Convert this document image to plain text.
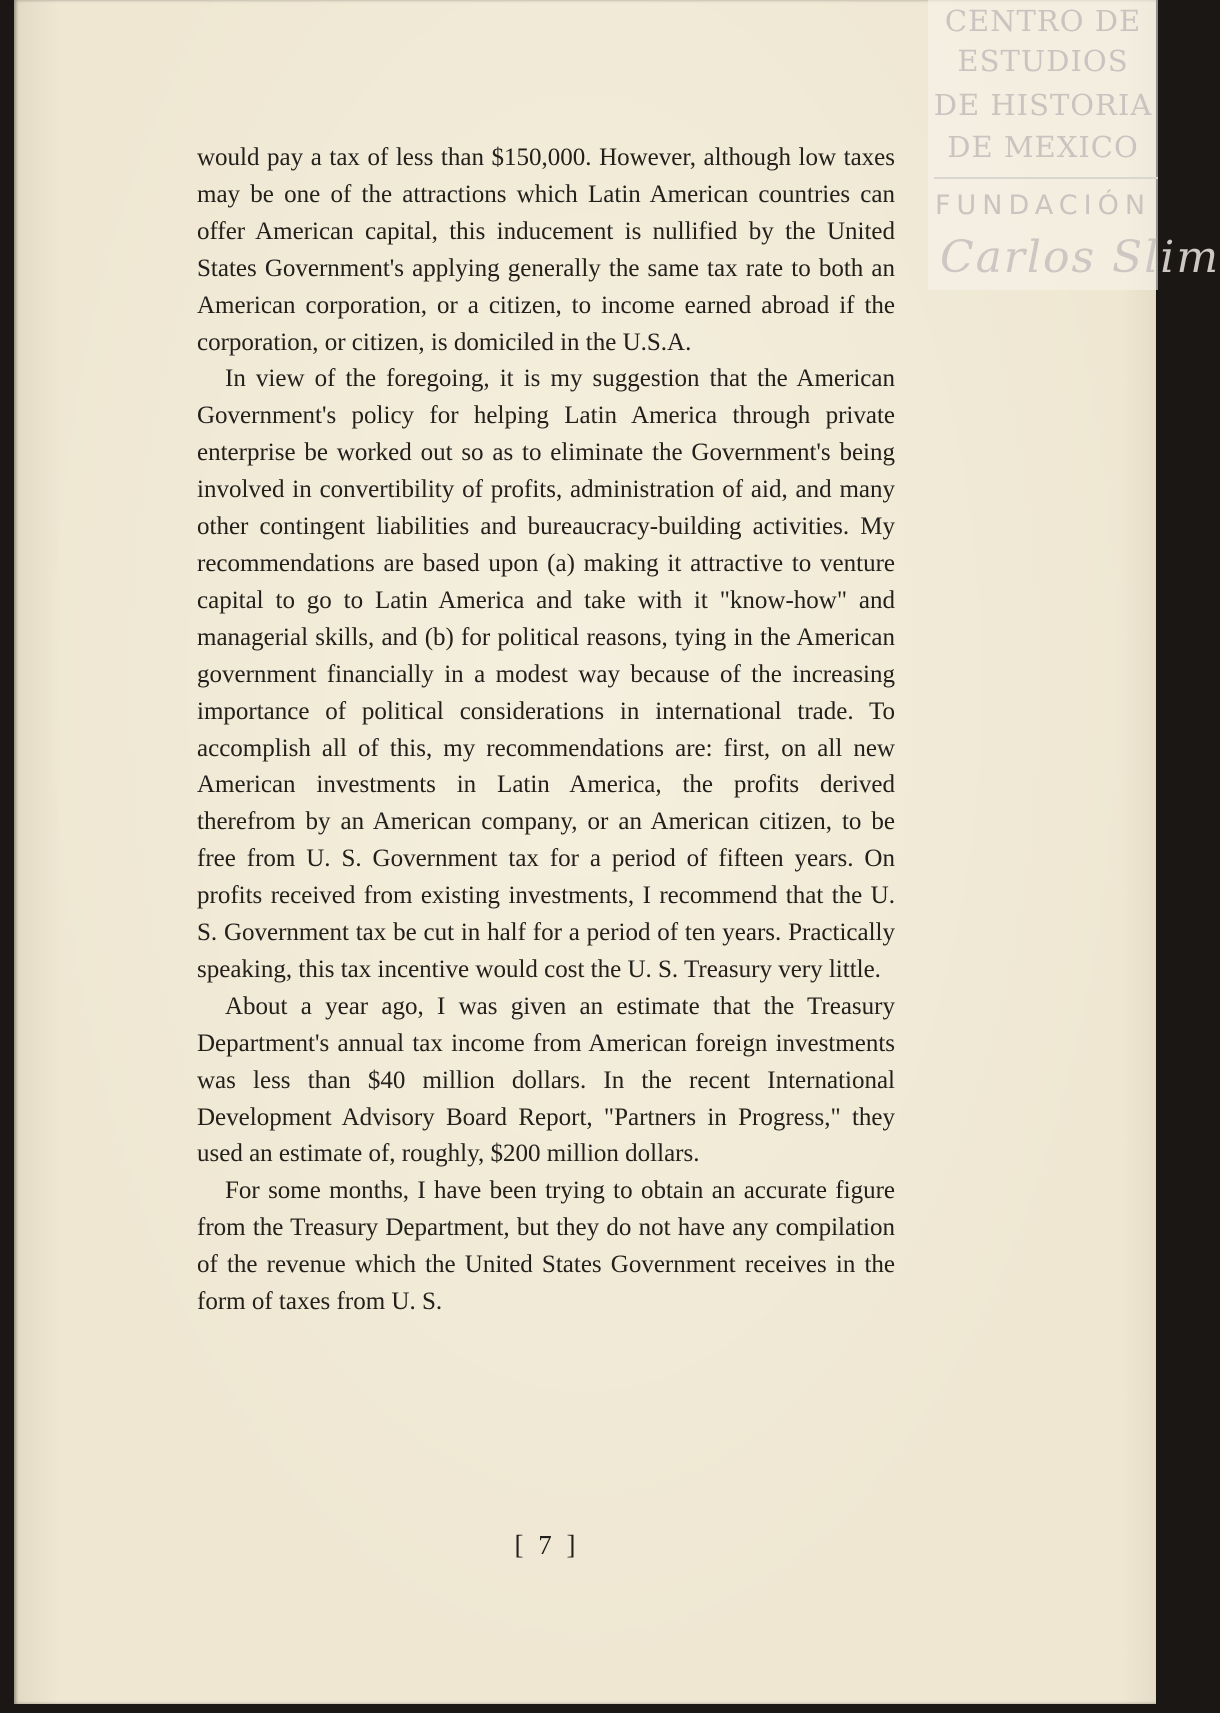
CENTRO DE
ESTUDIOS
DE HISTORIA
DE MEXICO
FUNDACIÓN
Carlos Slim

would pay a tax of less than $150,000. However, although low taxes may be one of the attractions which Latin American countries can offer American capital, this inducement is nullified by the United States Government's applying generally the same tax rate to both an American corporation, or a citizen, to income earned abroad if the corporation, or citizen, is domiciled in the U.S.A.

In view of the foregoing, it is my suggestion that the American Government's policy for helping Latin America through private enterprise be worked out so as to eliminate the Government's being involved in convertibility of profits, administration of aid, and many other contingent liabilities and bureaucracy-building activities. My recommendations are based upon (a) making it attractive to venture capital to go to Latin America and take with it "know-how" and managerial skills, and (b) for political reasons, tying in the American government financially in a modest way because of the increasing importance of political considerations in international trade. To accomplish all of this, my recommendations are: first, on all new American investments in Latin America, the profits derived therefrom by an American company, or an American citizen, to be free from U. S. Government tax for a period of fifteen years. On profits received from existing investments, I recommend that the U. S. Government tax be cut in half for a period of ten years. Practically speaking, this tax incentive would cost the U. S. Treasury very little.

About a year ago, I was given an estimate that the Treasury Department's annual tax income from American foreign investments was less than $40 million dollars. In the recent International Development Advisory Board Report, "Partners in Progress," they used an estimate of, roughly, $200 million dollars.

For some months, I have been trying to obtain an accurate figure from the Treasury Department, but they do not have any compilation of the revenue which the United States Government receives in the form of taxes from U. S.

[ 7 ]
